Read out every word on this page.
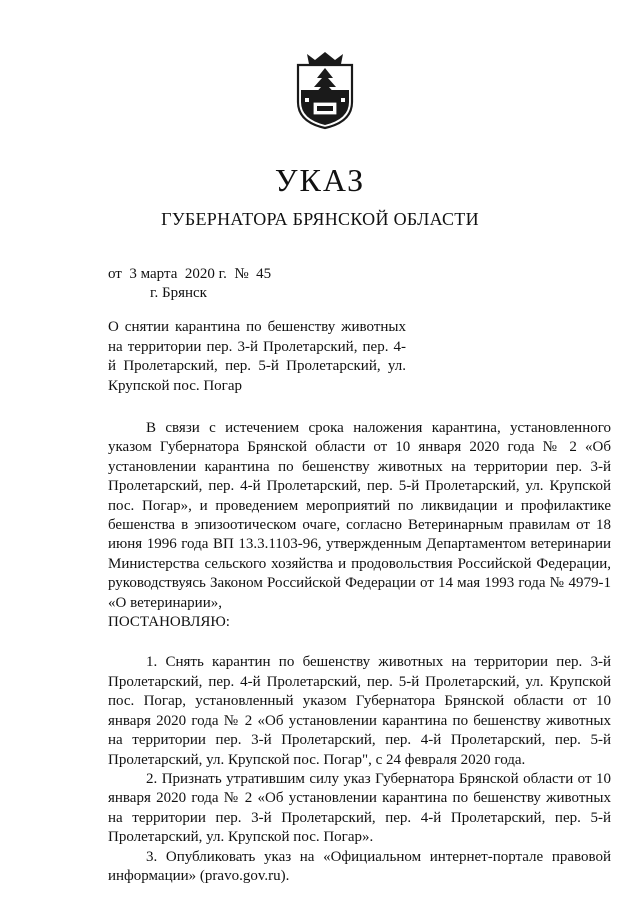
УКАЗ
ГУБЕРНАТОРА БРЯНСКОЙ ОБЛАСТИ
от  3 марта  2020 г.  №  45
г. Брянск
О снятии карантина по бешенству животных на территории пер. 3-й Пролетарский, пер. 4-й Пролетарский, пер. 5-й Пролетарский, ул. Крупской пос. Погар

В связи с истечением срока наложения карантина, установленного указом Губернатора Брянской области от 10 января 2020 года № 2 «Об установлении карантина по бешенству животных на территории пер. 3-й Пролетарский, пер. 4-й Пролетарский, пер. 5-й Пролетарский, ул. Крупской пос. Погар», и проведением мероприятий по ликвидации и профилактике бешенства в эпизоотическом очаге, согласно Ветеринарным правилам от 18 июня 1996 года ВП 13.3.1103-96, утвержденным Департаментом ветеринарии Министерства сельского хозяйства и продовольствия Российской Федерации, руководствуясь Законом Российской Федерации от 14 мая 1993 года № 4979-1 «О ветеринарии»,

ПОСТАНОВЛЯЮ:

1. Снять карантин по бешенству животных на территории пер. 3-й Пролетарский, пер. 4-й Пролетарский, пер. 5-й Пролетарский, ул. Крупской пос. Погар, установленный указом Губернатора Брянской области от 10 января 2020 года № 2 «Об установлении карантина по бешенству животных на территории пер. 3-й Пролетарский, пер. 4-й Пролетарский, пер. 5-й Пролетарский, ул. Крупской пос. Погар", с 24 февраля 2020 года.

2. Признать утратившим силу указ Губернатора Брянской области от 10 января 2020 года № 2 «Об установлении карантина по бешенству животных на территории пер. 3-й Пролетарский, пер. 4-й Пролетарский, пер. 5-й Пролетарский, ул. Крупской пос. Погар».

3. Опубликовать указ на «Официальном интернет-портале правовой информации» (pravo.gov.ru).
